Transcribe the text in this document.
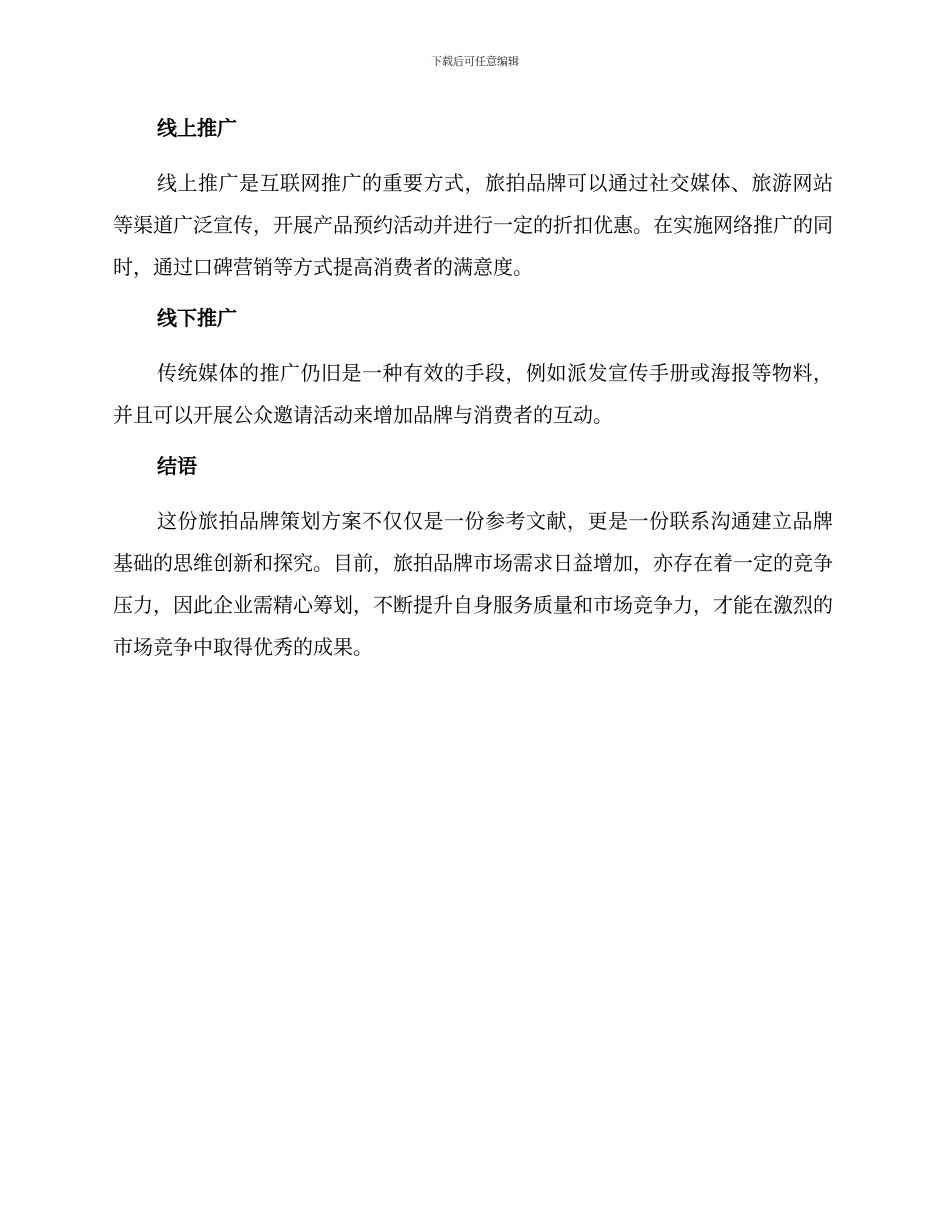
下载后可任意编辑
线上推广

线上推广是互联网推广的重要方式，旅拍品牌可以通过社交媒体、旅游网站等渠道广泛宣传，开展产品预约活动并进行一定的折扣优惠。在实施网络推广的同时，通过口碑营销等方式提高消费者的满意度。

线下推广

传统媒体的推广仍旧是一种有效的手段，例如派发宣传手册或海报等物料，并且可以开展公众邀请活动来增加品牌与消费者的互动。

结语

这份旅拍品牌策划方案不仅仅是一份参考文献，更是一份联系沟通建立品牌基础的思维创新和探究。目前，旅拍品牌市场需求日益增加，亦存在着一定的竞争压力，因此企业需精心筹划，不断提升自身服务质量和市场竞争力，才能在激烈的市场竞争中取得优秀的成果。
